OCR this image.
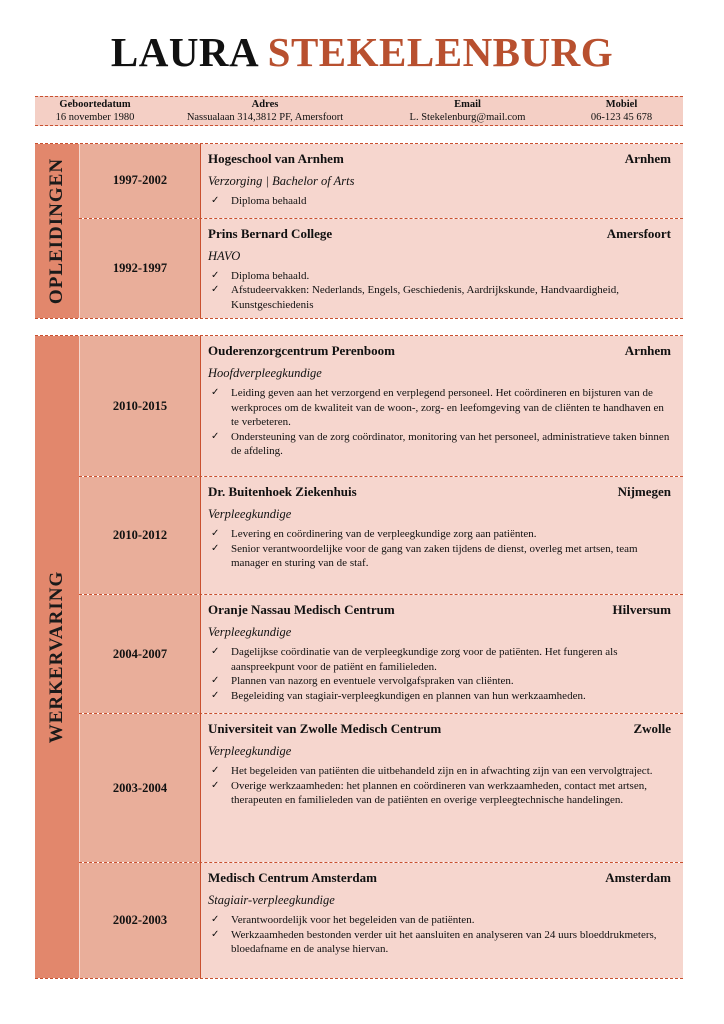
LAURA STEKELENBURG
Geboortedatum
16 november 1980
Adres
Nassualaan 314,3812 PF, Amersfoort
Email
L. Stekelenburg@mail.com
Mobiel
06-123 45 678
OPLEIDINGEN	1997-2002
Hogeschool van Arnhem	Arnhem
Verzorging | Bachelor of Arts
✓ Diploma behaald
1992-1997
Prins Bernard College	Amersfoort
HAVO
✓ Diploma behaald.
✓ Afstudeervakken: Nederlands, Engels, Geschiedenis, Aardrijkskunde, Handvaardigheid, Kunstgeschiedenis
WERKERVARING
2010-2015
Ouderenzorgcentrum Perenboom	Arnhem
Hoofdverpleegkundige
✓ Leiding geven aan het verzorgend en verplegend personeel. Het coördineren en bijsturen van de werkproces om de kwaliteit van de woon-, zorg- en leefomgeving van de cliënten te handhaven en te verbeteren.
✓ Ondersteuning van de zorg coördinator, monitoring van het personeel, administratieve taken binnen de afdeling.
2010-2012
Dr. Buitenhoek Ziekenhuis	Nijmegen
Verpleegkundige
✓ Levering en coördinering van de verpleegkundige zorg aan patiënten.
✓ Senior verantwoordelijke voor de gang van zaken tijdens de dienst, overleg met artsen, team manager en sturing van de staf.
2004-2007
Oranje Nassau Medisch Centrum	Hilversum
Verpleegkundige
✓ Dagelijkse coördinatie van de verpleegkundige zorg voor de patiënten. Het fungeren als aanspreekpunt voor de patiënt en familieleden.
✓ Plannen van nazorg en eventuele vervolgafspraken van cliënten.
✓ Begeleiding van stagiair-verpleegkundigen en plannen van hun werkzaamheden.
2003-2004
Universiteit van Zwolle Medisch Centrum	Zwolle
Verpleegkundige
✓ Het begeleiden van patiënten die uitbehandeld zijn en in afwachting zijn van een vervolgtraject.
✓ Overige werkzaamheden: het plannen en coördineren van werkzaamheden, contact met artsen, therapeuten en familieleden van de patiënten en overige verpleegtechnische handelingen.
2002-2003
Medisch Centrum Amsterdam	Amsterdam
Stagiair-verpleegkundige
✓ Verantwoordelijk voor het begeleiden van de patiënten.
✓ Werkzaamheden bestonden verder uit het aansluiten en analyseren van 24 uurs bloeddrukmeters, bloedafname en de analyse hiervan.
